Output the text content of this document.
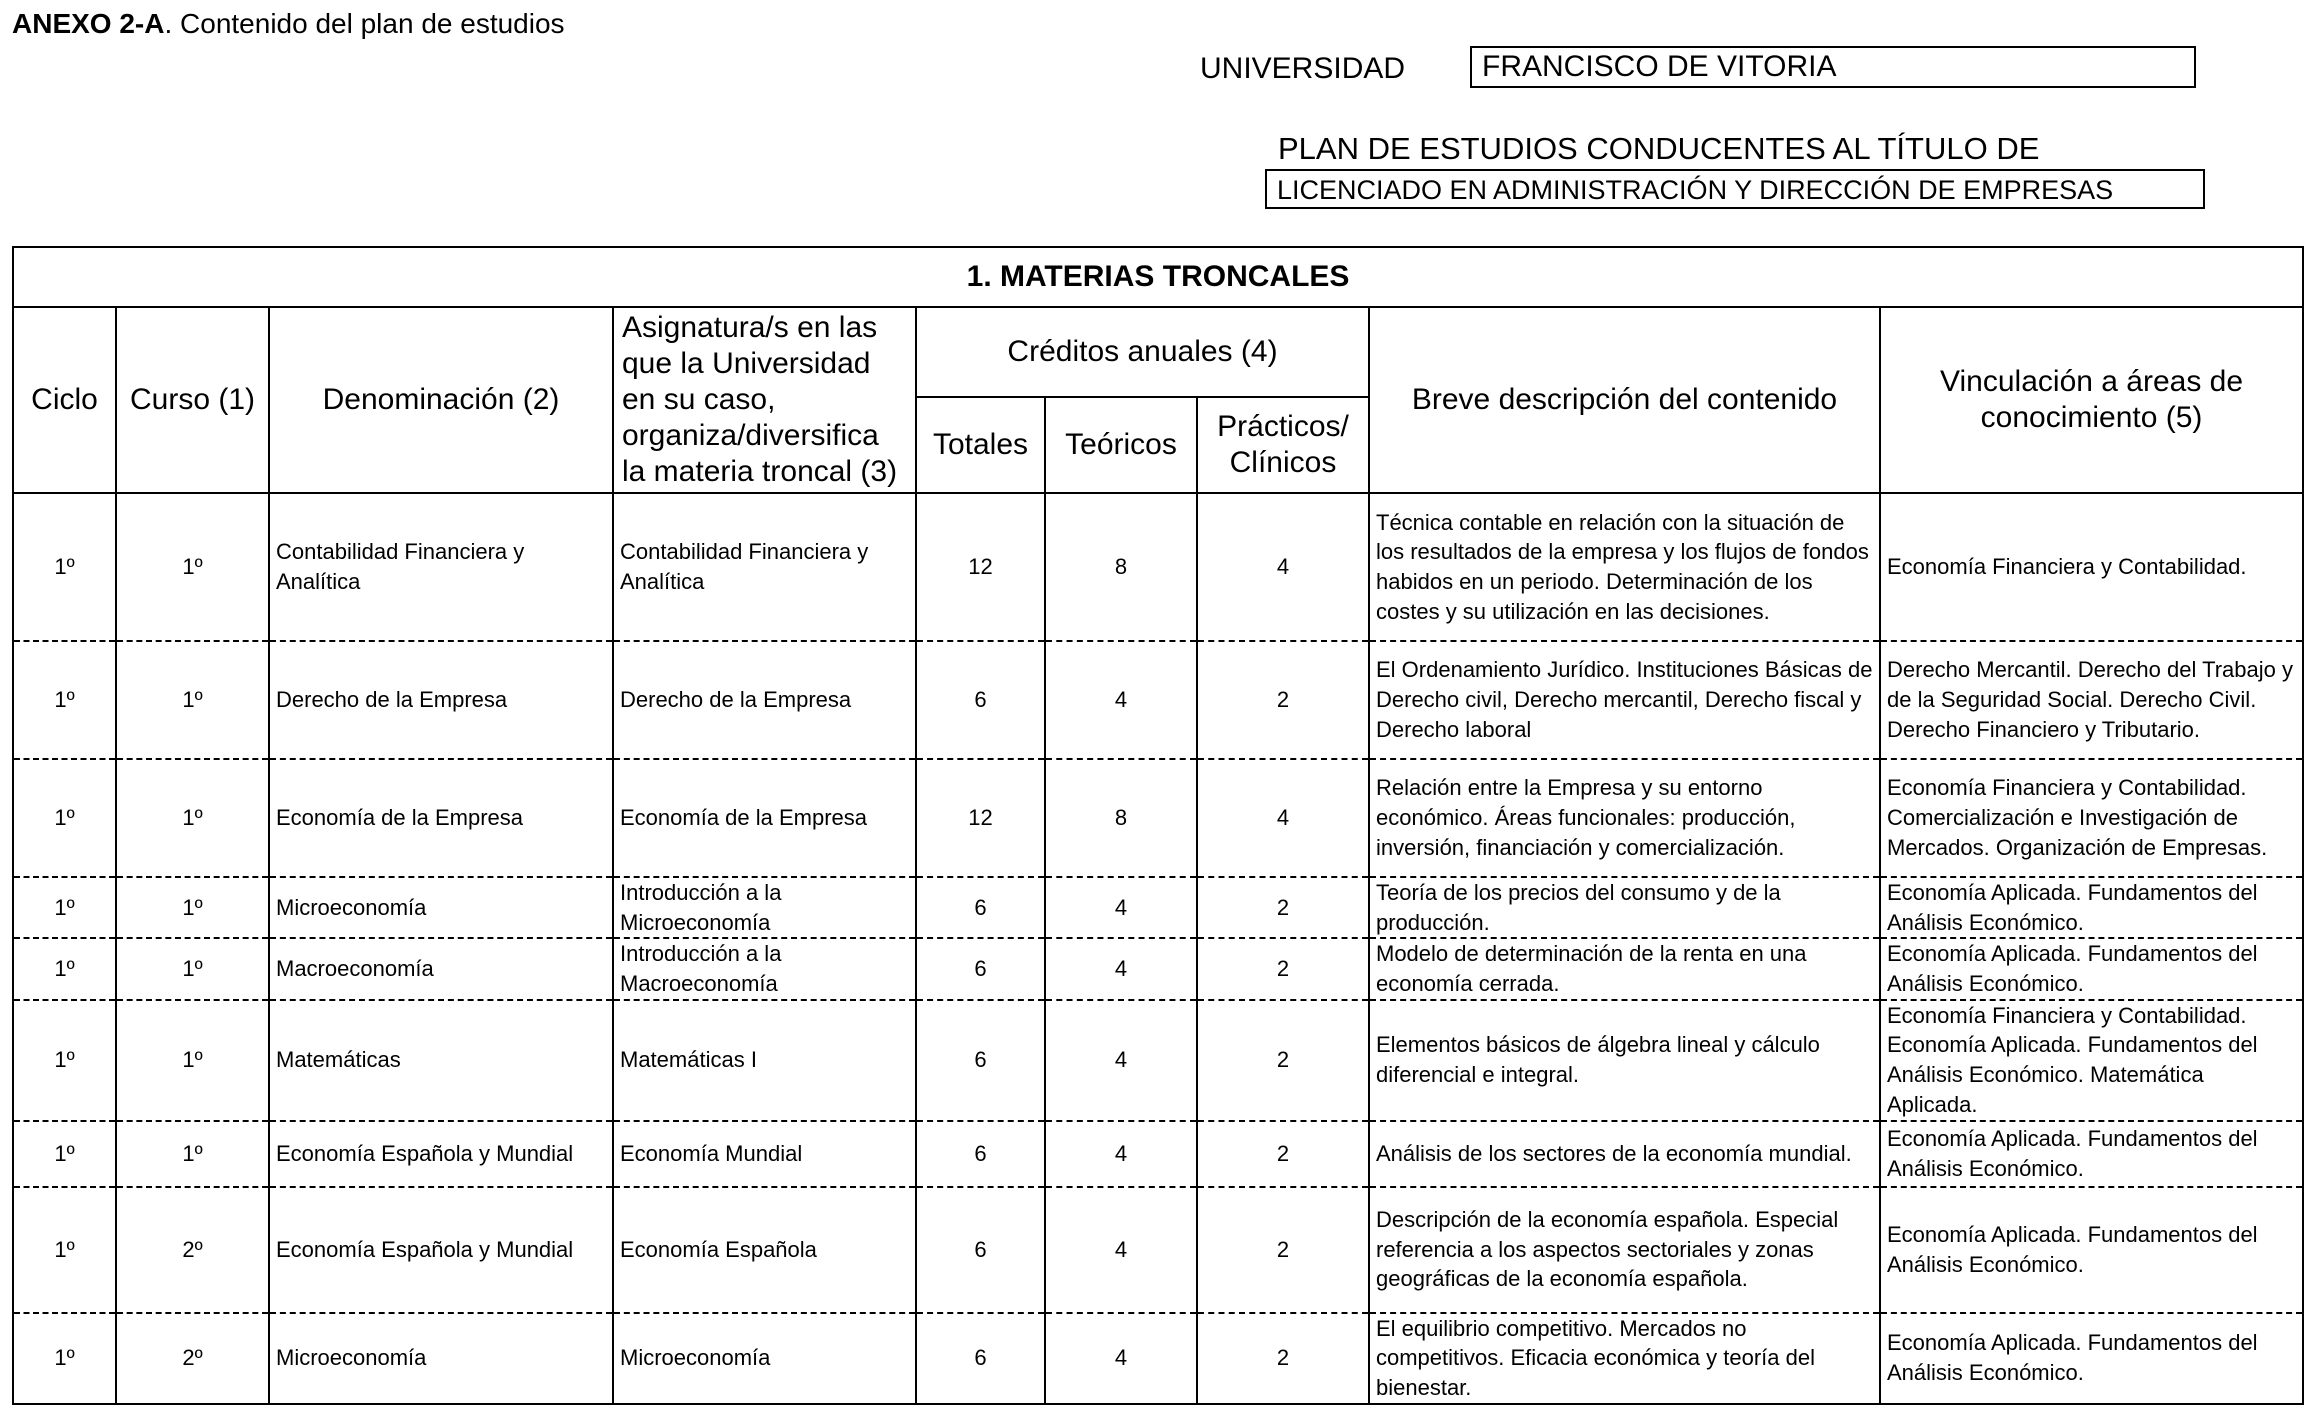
ANEXO 2-A. Contenido del plan de estudios
UNIVERSIDAD	FRANCISCO DE VITORIA
PLAN DE ESTUDIOS CONDUCENTES AL TÍTULO DE
LICENCIADO EN ADMINISTRACIÓN Y DIRECCIÓN DE EMPRESAS
1. MATERIAS TRONCALES								
Ciclo	Curso (1)	Denominación (2)	Asignatura/s en las que la Universidad en su caso, organiza/diversifica la materia troncal (3)	Créditos anuales (4)			Breve descripción del contenido	Vinculación a áreas de conocimiento (5)
				Totales	Teóricos	Prácticos/ Clínicos		
1º	1º	Contabilidad Financiera y Analítica	Contabilidad Financiera y Analítica	12	8	4	Técnica contable en relación con la situación de los resultados de la empresa y los flujos de fondos habidos en un periodo. Determinación de los costes y su utilización en las decisiones.	Economía Financiera y Contabilidad.
1º	1º	Derecho de la Empresa	Derecho de la Empresa	6	4	2	El Ordenamiento Jurídico. Instituciones Básicas de Derecho civil, Derecho mercantil, Derecho fiscal y Derecho laboral	Derecho Mercantil. Derecho del Trabajo y de la Seguridad Social. Derecho Civil. Derecho Financiero y Tributario.
1º	1º	Economía de la Empresa	Economía de la Empresa	12	8	4	Relación entre la Empresa y su entorno económico. Áreas funcionales: producción, inversión, financiación y comercialización.	Economía Financiera y Contabilidad. Comercialización e Investigación de Mercados. Organización de Empresas.
1º	1º	Microeconomía	Introducción a la Microeconomía	6	4	2	Teoría de los precios del consumo y de la producción.	Economía Aplicada. Fundamentos del Análisis Económico.
1º	1º	Macroeconomía	Introducción a la Macroeconomía	6	4	2	Modelo de determinación de la renta en una economía cerrada.	Economía Aplicada. Fundamentos del Análisis Económico.
1º	1º	Matemáticas	Matemáticas I	6	4	2	Elementos básicos de álgebra lineal y cálculo diferencial e integral.	Economía Financiera y Contabilidad. Economía Aplicada. Fundamentos del Análisis Económico. Matemática Aplicada.
1º	1º	Economía Española y Mundial	Economía Mundial	6	4	2	Análisis de los sectores de la economía mundial.	Economía Aplicada. Fundamentos del Análisis Económico.
1º	2º	Economía Española y Mundial	Economía Española	6	4	2	Descripción de la economía española. Especial referencia a los aspectos sectoriales y zonas geográficas de la economía española.	Economía Aplicada. Fundamentos del Análisis Económico.
1º	2º	Microeconomía	Microeconomía	6	4	2	El equilibrio competitivo. Mercados no competitivos. Eficacia económica y teoría del bienestar.	Economía Aplicada. Fundamentos del Análisis Económico.
